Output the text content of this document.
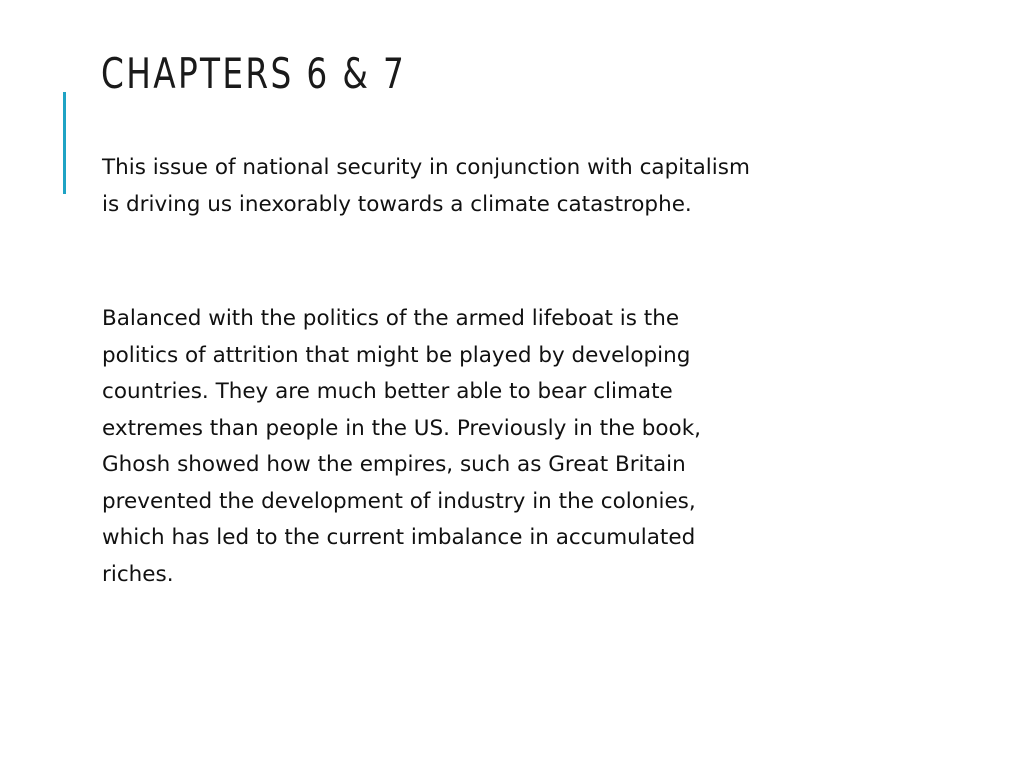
CHAPTERS 6 & 7

This issue of national security in conjunction with capitalism
is driving us inexorably towards a climate catastrophe.

Balanced with the politics of the armed lifeboat is the
politics of attrition that might be played by developing
countries. They are much better able to bear climate
extremes than people in the US. Previously in the book,
Ghosh showed how the empires, such as Great Britain
prevented the development of industry in the colonies,
which has led to the current imbalance in accumulated
riches.
